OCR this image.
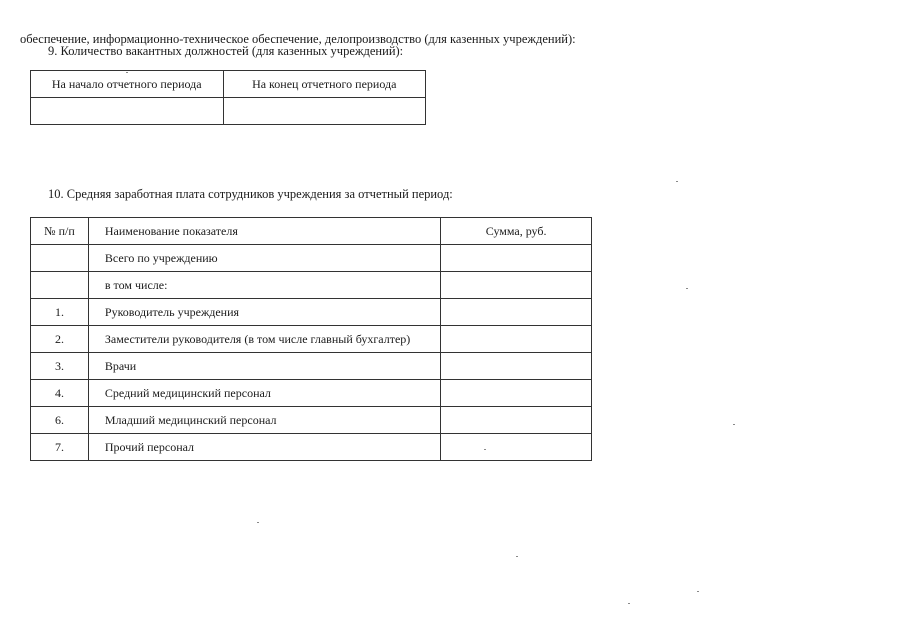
обеспечение, информационно-техническое обеспечение, делопроизводство (для казенных учреждений):
9. Количество вакантных должностей (для казенных учреждений):
На начало отчетного периода	На конец отчетного периода

10. Средняя заработная плата сотрудников учреждения за отчетный период:
№ п/п	Наименование показателя	Сумма, руб.
	Всего по учреждению	
	в том числе:	
1.	Руководитель учреждения	
2.	Заместители руководителя (в том числе главный бухгалтер)	
3.	Врачи	
4.	Средний медицинский персонал	
6.	Младший медицинский персонал	
7.	Прочий персонал	
